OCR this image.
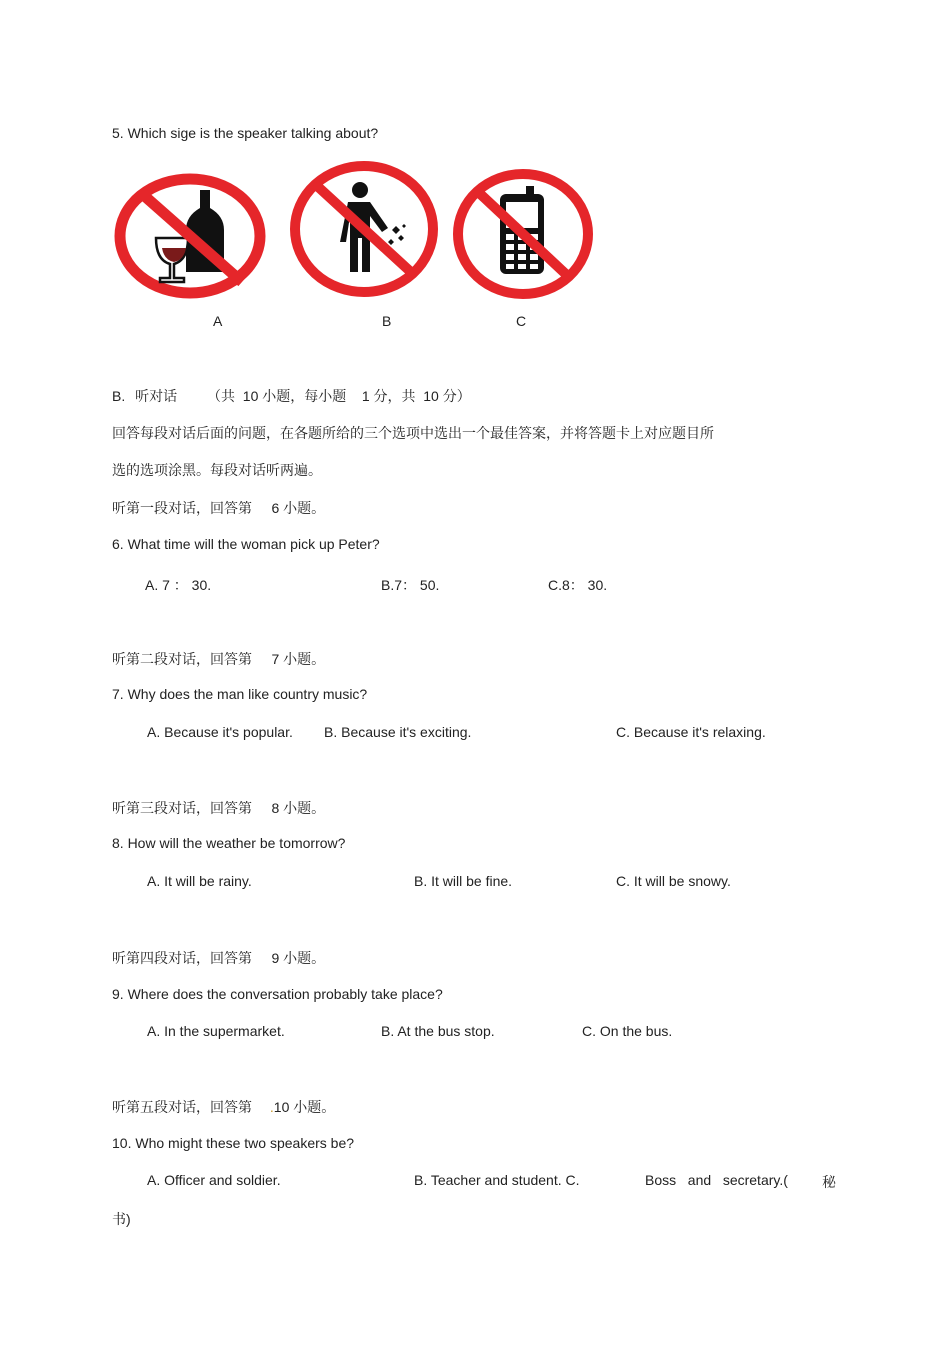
5. Which sige is the speaker talking about?
A	B	C
B. 听对话 （共  10 小题，每小题    1 分，共  10 分）
回答每段对话后面的问题，在各题所给的三个选项中选出一个最佳答案，并将答题卡上对应题目所
选的选项涂黑。每段对话听两遍。
听第一段对话，回答第     6 小题。
6. What time will the woman pick up Peter?
A. 7 ： 30.	B.7： 50.	C.8： 30.
听第二段对话，回答第     7 小题。
7. Why does the man like country music?
A. Because it's popular. B. Because it's exciting.	C. Because it's relaxing.
听第三段对话，回答第     8 小题。
8. How will the weather be tomorrow?
A. It will be rainy.	B. It will be fine.	C. It will be snowy.
听第四段对话，回答第     9 小题。
9. Where does the conversation probably take place?
A. In the supermarket.	B. At the bus stop.	C. On the bus.
听第五段对话，回答第 .10 小题。
10. Who might these two speakers be?
A. Officer and soldier.	B. Teacher and student. C.	Boss   and   secretary.( 秘
书)
